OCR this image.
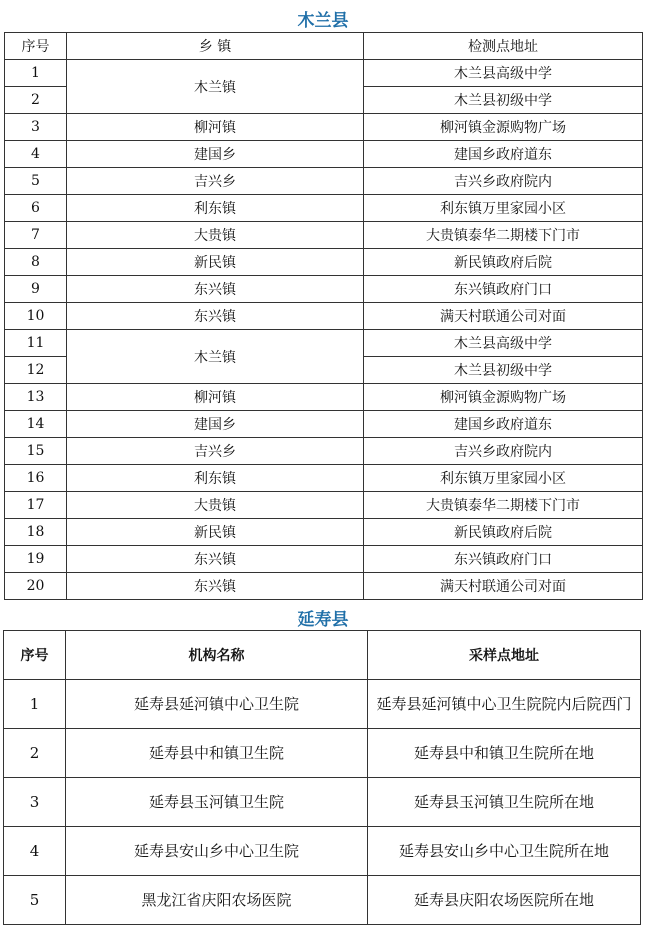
木兰县
序号	乡 镇	检测点地址
1	木兰镇	木兰县高级中学
2		木兰县初级中学
3	柳河镇	柳河镇金源购物广场
4	建国乡	建国乡政府道东
5	吉兴乡	吉兴乡政府院内
6	利东镇	利东镇万里家园小区
7	大贵镇	大贵镇泰华二期楼下门市
8	新民镇	新民镇政府后院
9	东兴镇	东兴镇政府门口
10	东兴镇	满天村联通公司对面
11	木兰镇	木兰县高级中学
12		木兰县初级中学
13	柳河镇	柳河镇金源购物广场
14	建国乡	建国乡政府道东
15	吉兴乡	吉兴乡政府院内
16	利东镇	利东镇万里家园小区
17	大贵镇	大贵镇泰华二期楼下门市
18	新民镇	新民镇政府后院
19	东兴镇	东兴镇政府门口
20	东兴镇	满天村联通公司对面
延寿县
序号	机构名称	采样点地址
1	延寿县延河镇中心卫生院	延寿县延河镇中心卫生院院内后院西门
2	延寿县中和镇卫生院	延寿县中和镇卫生院所在地
3	延寿县玉河镇卫生院	延寿县玉河镇卫生院所在地
4	延寿县安山乡中心卫生院	延寿县安山乡中心卫生院所在地
5	黑龙江省庆阳农场医院	延寿县庆阳农场医院所在地
